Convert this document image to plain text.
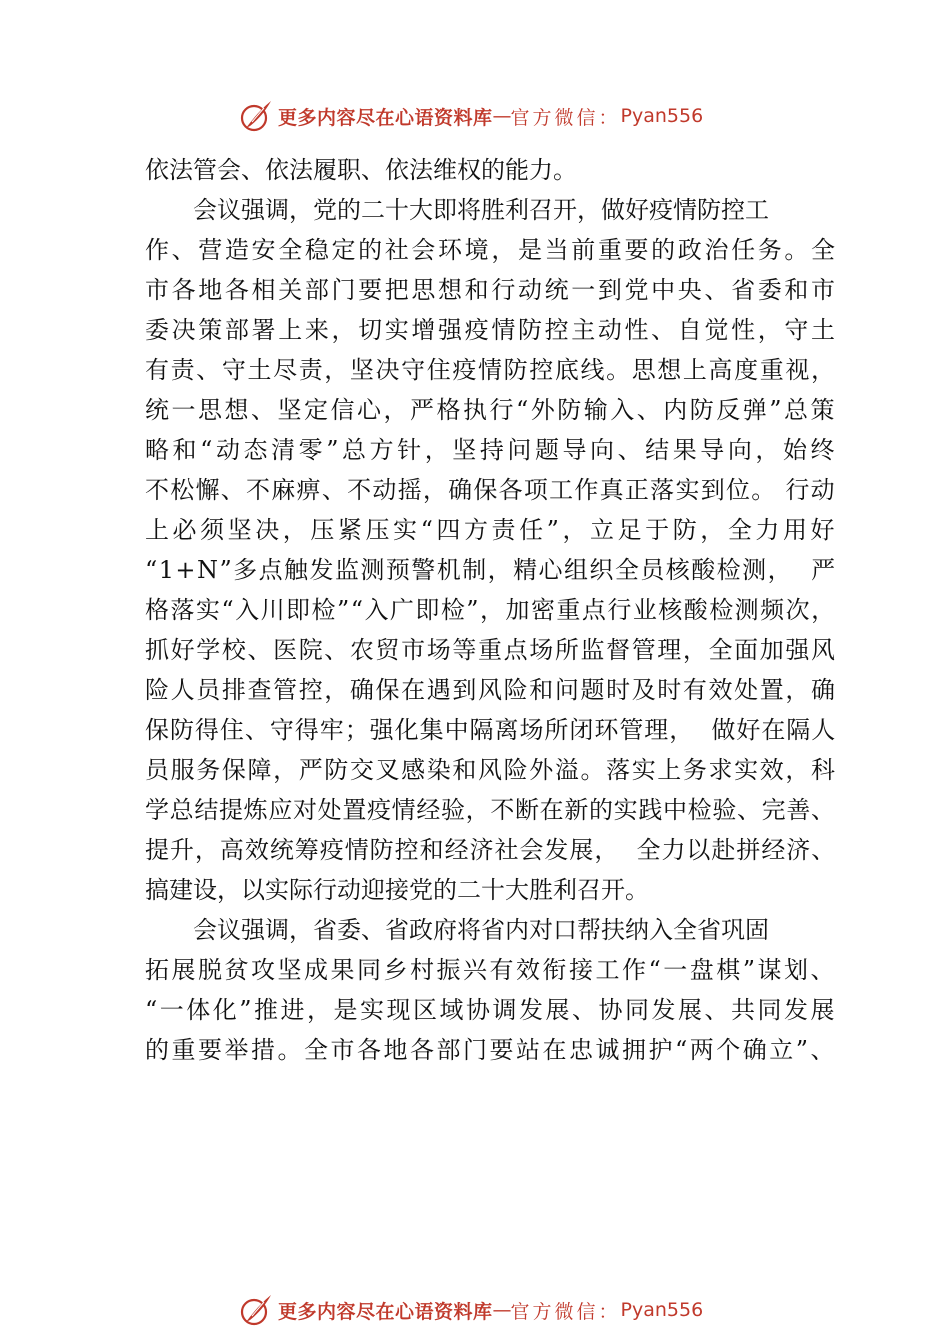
更多内容尽在心语资料库 — 官方微信： Pyan556
依法管会、依法履职、依法维权的能力。
会议强调，党的二十大即将胜利召开，做好疫情防控工
作、营造安全稳定的社会环境，是当前重要的政治任务。全
市各地各相关部门要把思想和行动统一到党中央、省委和市
委决策部署上来，切实增强疫情防控主动性、自觉性，守土
有责、守土尽责，坚决守住疫情防控底线。思想上高度重视，
统一思想、坚定信心，严格执行“外防输入、内防反弹”总策
略和“动态清零”总方针，坚持问题导向、结果导向，始终
不松懈、不麻痹、不动摇，确保各项工作真正落实到位。 行动
上必须坚决，压紧压实“四方责任”，立足于防，全力用好
“1+N”多点触发监测预警机制，精心组织全员核酸检测，  严
格落实“入川即检”“入广即检”，加密重点行业核酸检测频次，
抓好学校、医院、农贸市场等重点场所监督管理，全面加强风
险人员排查管控，确保在遇到风险和问题时及时有效处置，确
保防得住、守得牢；强化集中隔离场所闭环管理，  做好在隔人
员服务保障，严防交叉感染和风险外溢。落实上务求实效，科
学总结提炼应对处置疫情经验，不断在新的实践中检验、完善、
提升，高效统筹疫情防控和经济社会发展，  全力以赴拼经济、
搞建设，以实际行动迎接党的二十大胜利召开。
会议强调，省委、省政府将省内对口帮扶纳入全省巩固
拓展脱贫攻坚成果同乡村振兴有效衔接工作“一盘棋”谋划、
“一体化”推进，是实现区域协调发展、协同发展、共同发展
的重要举措。全市各地各部门要站在忠诚拥护“两个确立”、
更多内容尽在心语资料库 — 官方微信： Pyan556
